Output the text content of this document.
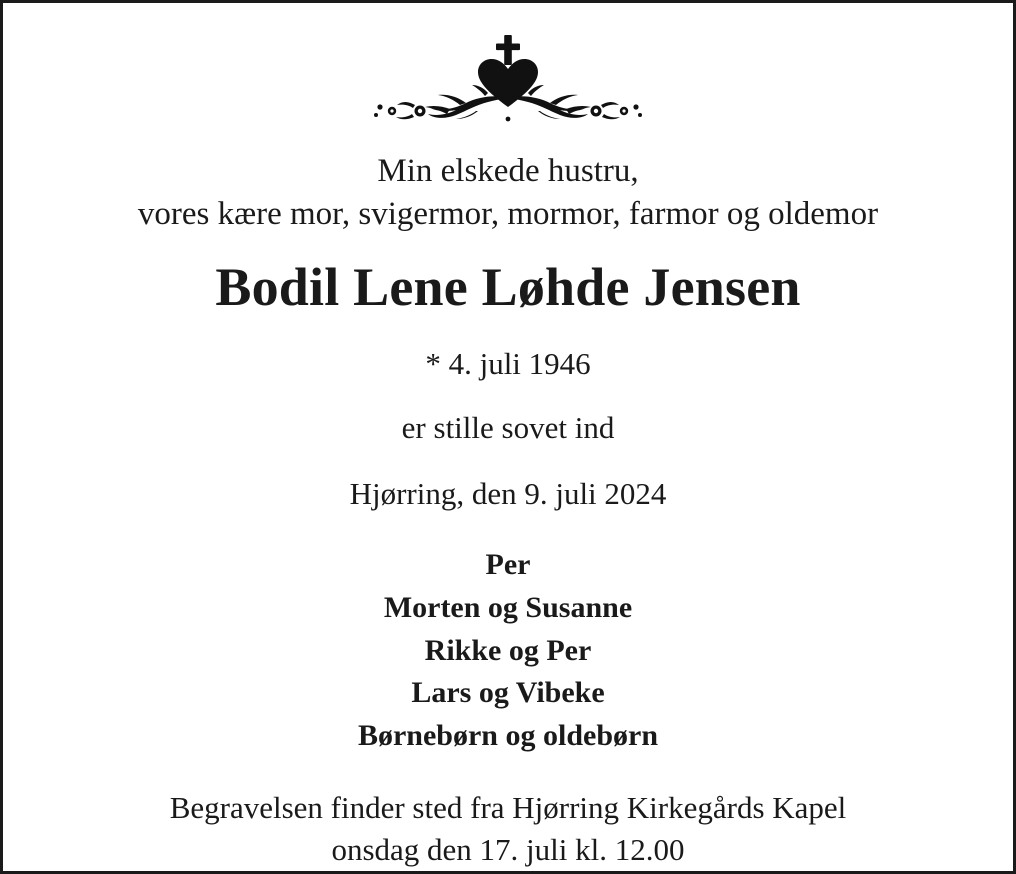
Min elskede hustru,
vores kære mor, svigermor, mormor, farmor og oldemor
Bodil Lene Løhde Jensen
* 4. juli 1946
er stille sovet ind
Hjørring, den 9. juli 2024
Per
Morten og Susanne
Rikke og Per
Lars og Vibeke
Børnebørn og oldebørn
Begravelsen finder sted fra Hjørring Kirkegårds Kapel
onsdag den 17. juli kl. 12.00
